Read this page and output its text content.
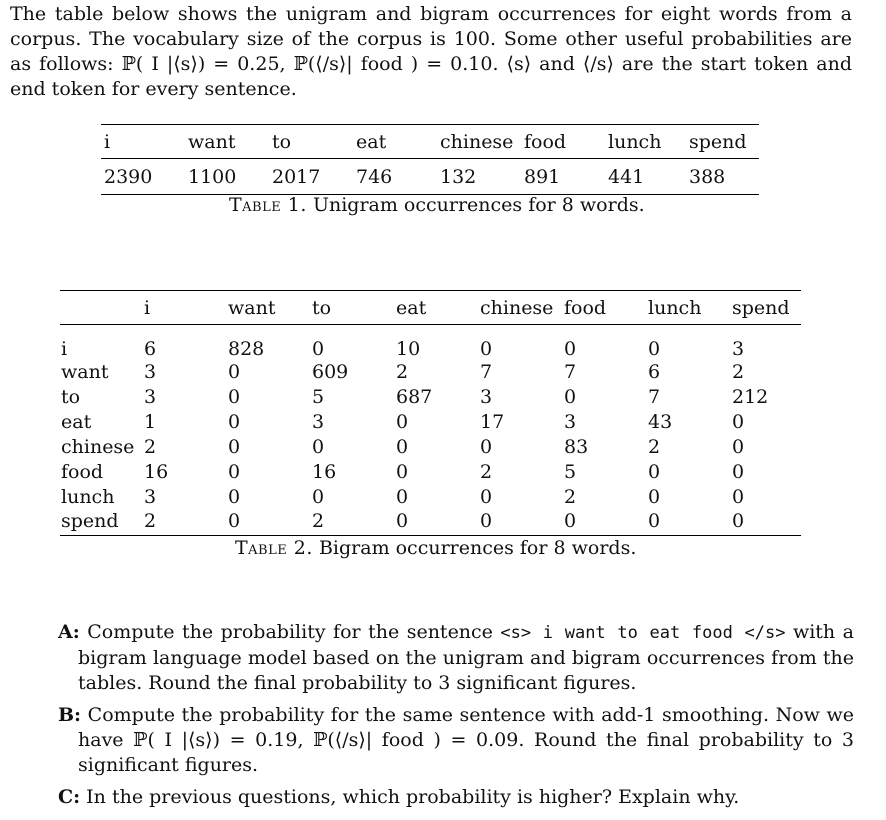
The table below shows the unigram and bigram occurrences for eight words from a corpus. The vocabulary size of the corpus is 100. Some other useful probabilities are as follows: ℙ( I |⟨s⟩) = 0.25, ℙ(⟨/s⟩| food ) = 0.10. ⟨s⟩ and ⟨/s⟩ are the start token and end token for every sentence.
i	want	to	eat	chinese	food	lunch	spend
2390	1100	2017	746	132	891	441	388
Table 1. Unigram occurrences for 8 words.
	i	want	to	eat	chinese	food	lunch	spend
i	6	828	0	10	0	0	0	3
want	3	0	609	2	7	7	6	2
to	3	0	5	687	3	0	7	212
eat	1	0	3	0	17	3	43	0
chinese	2	0	0	0	0	83	2	0
food	16	0	16	0	2	5	0	0
lunch	3	0	0	0	0	2	0	0
spend	2	0	2	0	0	0	0	0
Table 2. Bigram occurrences for 8 words.
A: Compute the probability for the sentence <s> i want to eat food </s> with a bigram language model based on the unigram and bigram occurrences from the tables. Round the final probability to 3 significant figures.
B: Compute the probability for the same sentence with add-1 smoothing. Now we have ℙ( I |⟨s⟩) = 0.19, ℙ(⟨/s⟩| food ) = 0.09. Round the final probability to 3 significant figures.
C: In the previous questions, which probability is higher? Explain why.
